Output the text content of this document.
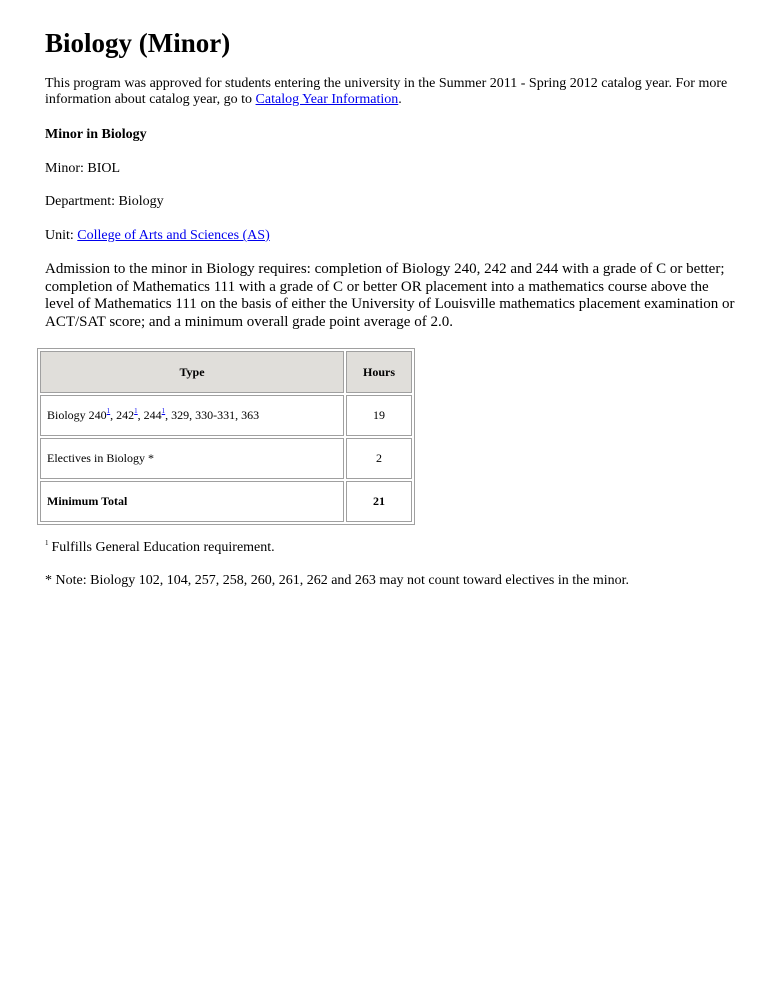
Biology (Minor)

This program was approved for students entering the university in the Summer 2011 - Spring 2012 catalog year. For more information about catalog year, go to Catalog Year Information.

Minor in Biology

Minor: BIOL

Department: Biology

Unit: College of Arts and Sciences (AS)

Admission to the minor in Biology requires: completion of Biology 240, 242 and 244 with a grade of C or better;
completion of Mathematics 111 with a grade of C or better OR placement into a mathematics course above the
level of Mathematics 111 on the basis of either the University of Louisville mathematics placement examination or
ACT/SAT score; and a minimum overall grade point average of 2.0.

Type	Hours
Biology 240$^1$, 242$^1$, 244$^1$, 329, 330-331, 363	19
Electives in Biology *	2
Minimum Total	21

$^1$ Fulfills General Education requirement.

* Note: Biology 102, 104, 257, 258, 260, 261, 262 and 263 may not count toward electives in the minor.
